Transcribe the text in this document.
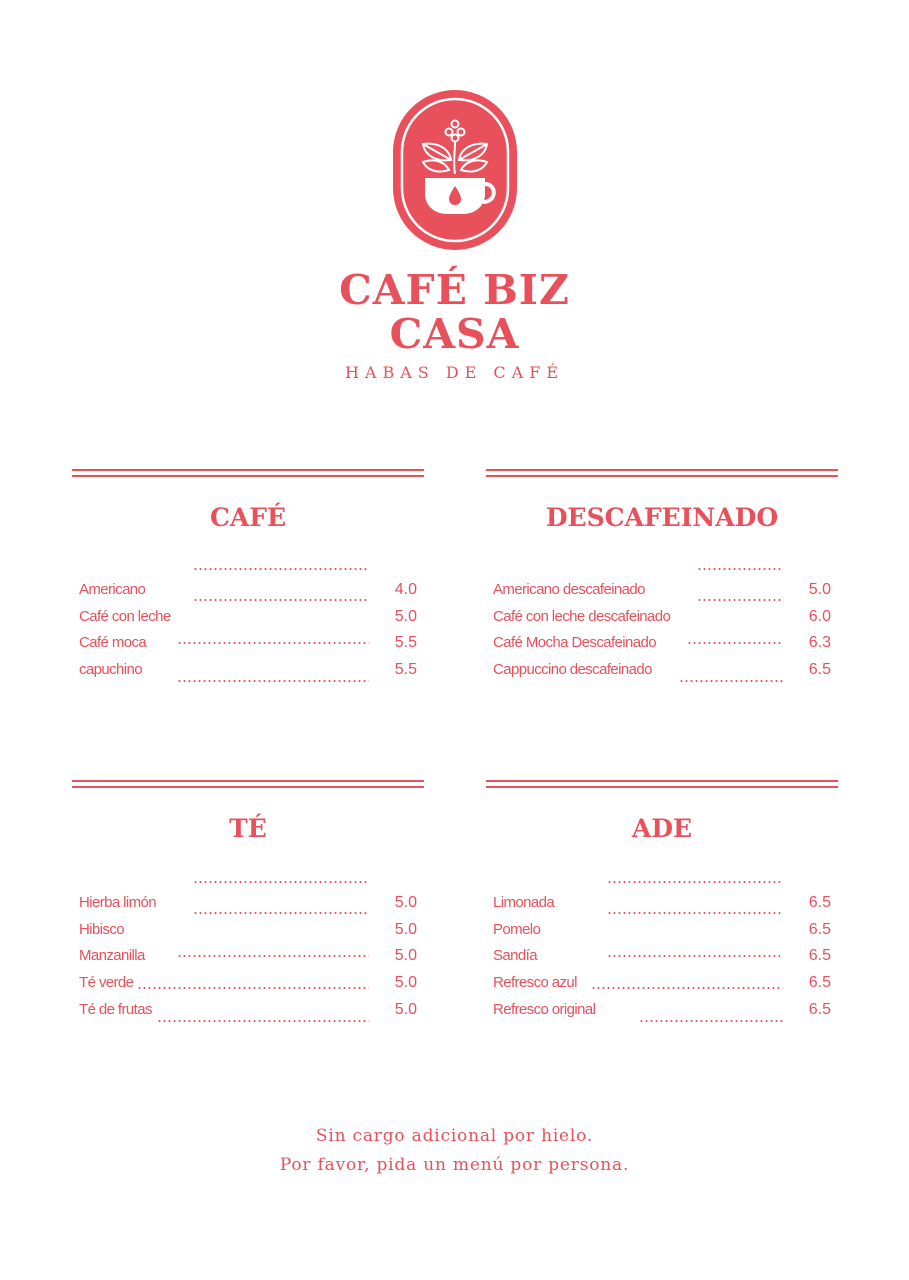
CAFÉ BIZ
CASA
HABAS DE CAFÉ
CAFÉ
Americano	4.0
Café con leche	5.0
Café moca	5.5
capuchino	5.5
DESCAFEINADO
Americano descafeinado	5.0
Café con leche descafeinado	6.0
Café Mocha Descafeinado	6.3
Cappuccino descafeinado	6.5
TÉ
Hierba limón	5.0
Hibisco	5.0
Manzanilla	5.0
Té verde	5.0
Té de frutas	5.0
ADE
Limonada	6.5
Pomelo	6.5
Sandía	6.5
Refresco azul	6.5
Refresco original	6.5
Sin cargo adicional por hielo.
Por favor, pida un menú por persona.
